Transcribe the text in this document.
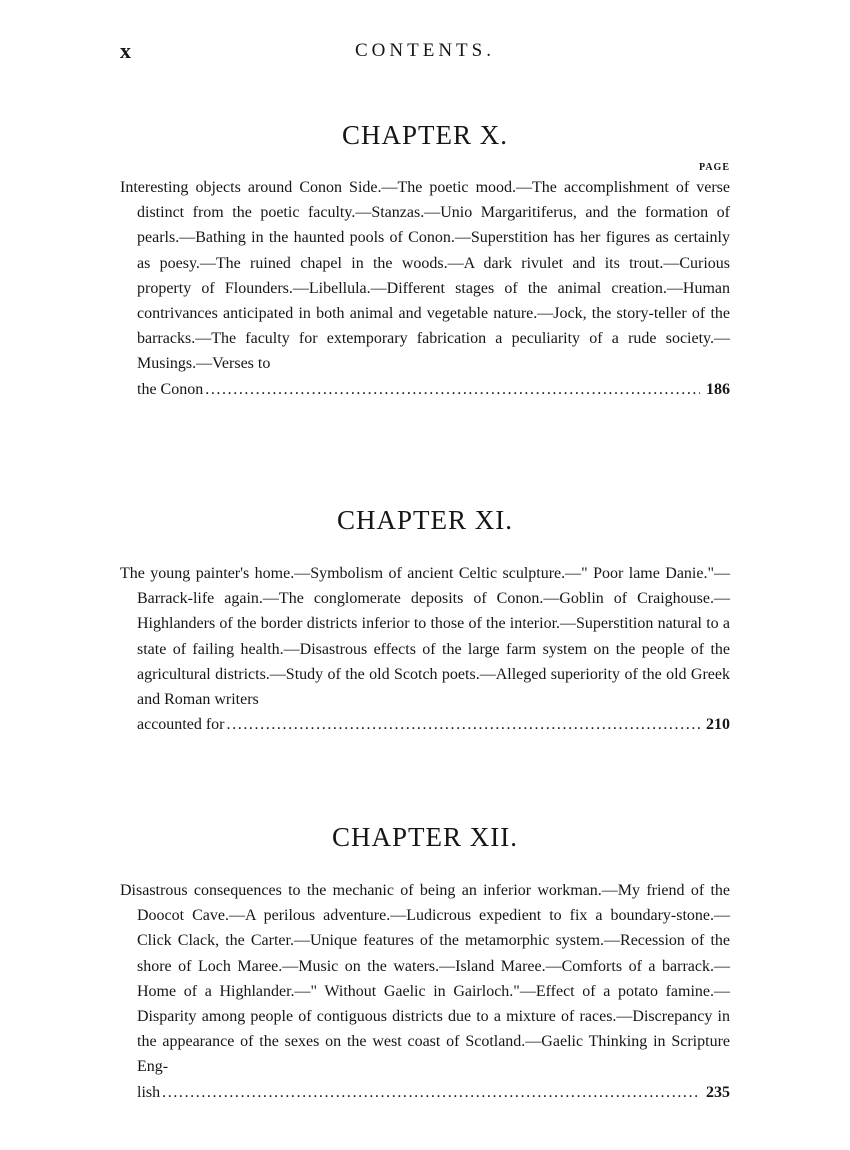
x	CONTENTS.
CHAPTER X.
PAGE

Interesting objects around Conon Side.—The poetic mood.—The accomplishment of verse distinct from the poetic faculty.—Stanzas.—Unio Margaritiferus, and the formation of pearls.—Bathing in the haunted pools of Conon.—Superstition has her figures as certainly as poesy.—The ruined chapel in the woods.—A dark rivulet and its trout.—Curious property of Flounders.—Libellula.—Different stages of the animal creation.—Human contrivances anticipated in both animal and vegetable nature.—Jock, the story-teller of the barracks.—The faculty for extemporary fabrication a peculiarity of a rude society.—Musings.—Verses to

the Conon .....	186
CHAPTER XI.

The young painter's home.—Symbolism of ancient Celtic sculpture.—" Poor lame Danie."—Barrack-life again.—The conglomerate deposits of Conon.—Goblin of Craighouse.—Highlanders of the border districts inferior to those of the interior.—Superstition natural to a state of failing health.—Disastrous effects of the large farm system on the people of the agricultural districts.—Study of the old Scotch poets.—Alleged superiority of the old Greek and Roman writers

accounted for .....	210
CHAPTER XII.

Disastrous consequences to the mechanic of being an inferior workman.—My friend of the Doocot Cave.—A perilous adventure.—Ludicrous expedient to fix a boundary-stone.—Click Clack, the Carter.—Unique features of the metamorphic system.—Recession of the shore of Loch Maree.—Music on the waters.—Island Maree.—Comforts of a barrack.—Home of a Highlander.—" Without Gaelic in Gairloch."—Effect of a potato famine.—Disparity among people of contiguous districts due to a mixture of races.—Discrepancy in the appearance of the sexes on the west coast of Scotland.—Gaelic Thinking in Scripture Eng-

lish .....	235
